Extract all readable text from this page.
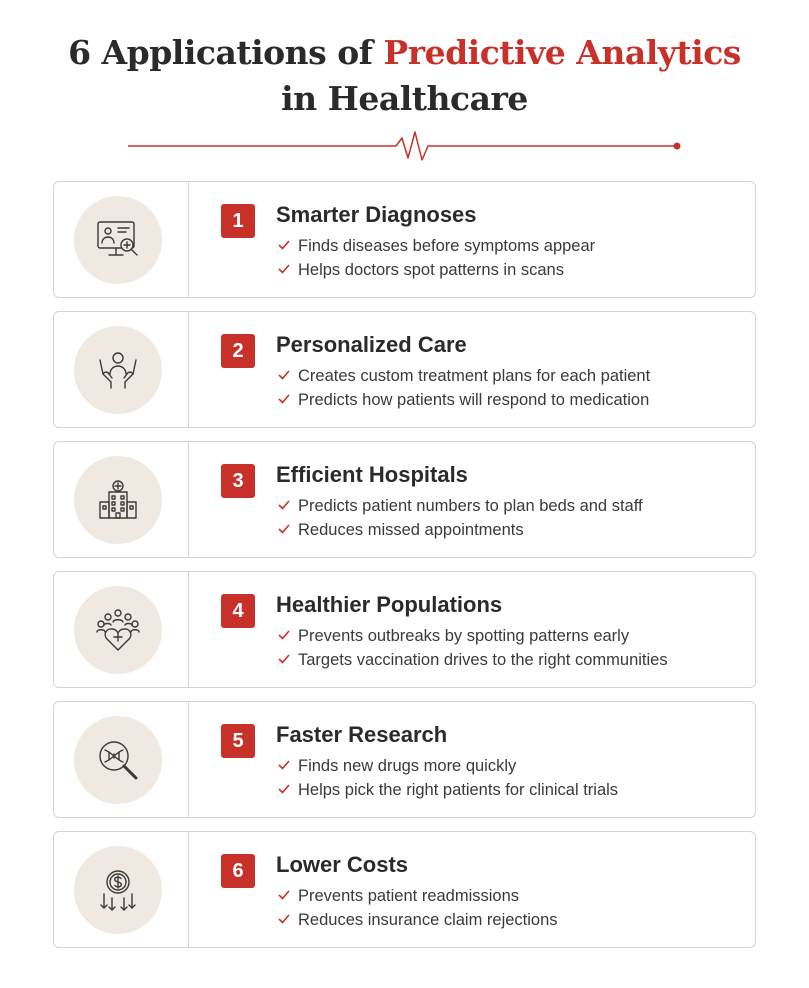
6 Applications of Predictive Analytics
in Healthcare
1	Smarter Diagnoses
Finds diseases before symptoms appear
Helps doctors spot patterns in scans
2	Personalized Care
Creates custom treatment plans for each patient
Predicts how patients will respond to medication
3	Efficient Hospitals
Predicts patient numbers to plan beds and staff
Reduces missed appointments
4	Healthier Populations
Prevents outbreaks by spotting patterns early
Targets vaccination drives to the right communities
5	Faster Research
Finds new drugs more quickly
Helps pick the right patients for clinical trials
6	Lower Costs
Prevents patient readmissions
Reduces insurance claim rejections
